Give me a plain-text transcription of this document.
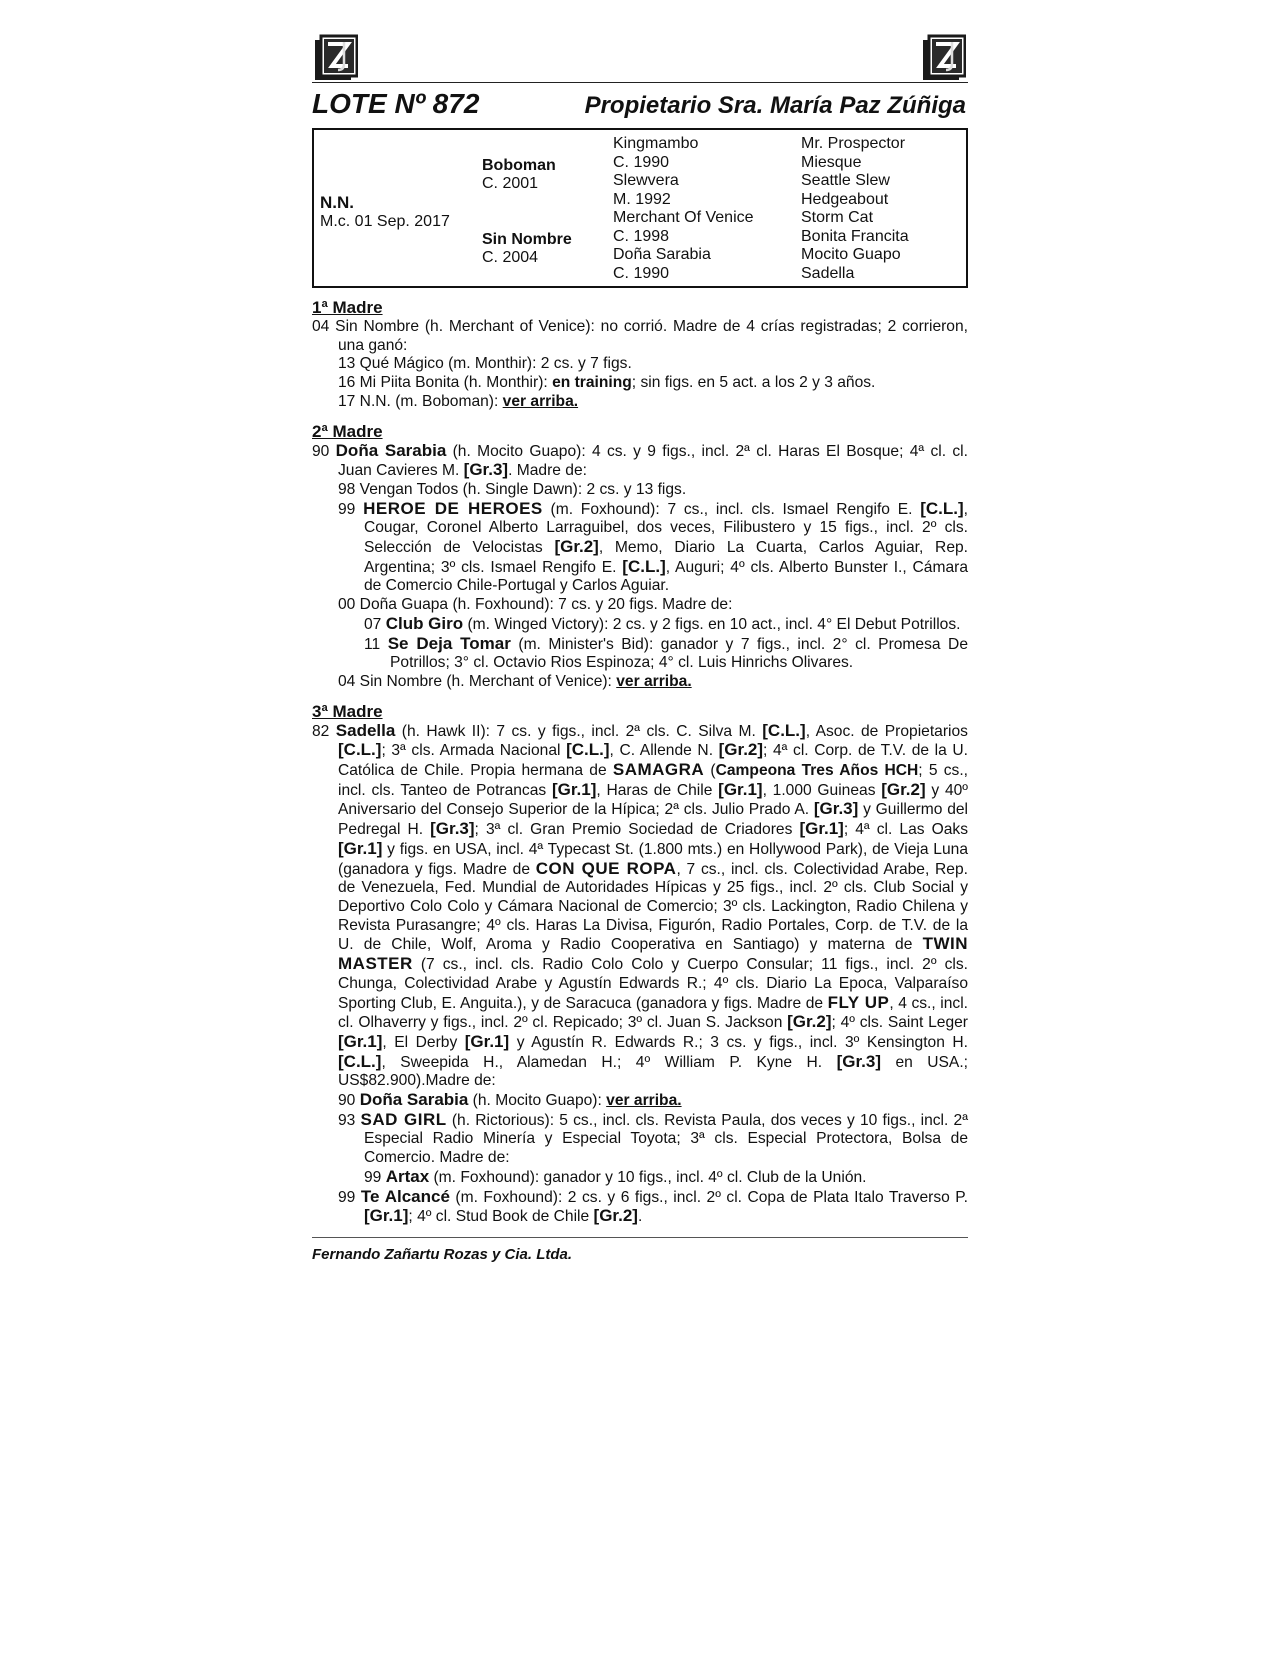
LOTE Nº 872	Propietario Sra. María Paz Zúñiga
N.N.
M.c. 01 Sep. 2017
Boboman
C. 2001
Sin Nombre
C. 2004
Kingmambo
C. 1990
Slewvera
M. 1992
Merchant Of Venice
C. 1998
Doña Sarabia
C. 1990
Mr. Prospector
Miesque
Seattle Slew
Hedgeabout
Storm Cat
Bonita Francita
Mocito Guapo
Sadella
1ª Madre
04 Sin Nombre (h. Merchant of Venice): no corrió. Madre de 4 crías registradas; 2 corrieron, una ganó:
13 Qué Mágico (m. Monthir): 2 cs. y 7 figs.
16 Mi Piita Bonita (h. Monthir): en training; sin figs. en 5 act. a los 2 y 3 años.
17 N.N. (m. Boboman): ver arriba.
2ª Madre
90 Doña Sarabia (h. Mocito Guapo): 4 cs. y 9 figs., incl. 2ª cl. Haras El Bosque; 4ª cl. cl. Juan Cavieres M. [Gr.3]. Madre de:
98 Vengan Todos (h. Single Dawn): 2 cs. y 13 figs.
99 HEROE DE HEROES (m. Foxhound): 7 cs., incl. cls. Ismael Rengifo E. [C.L.], Cougar, Coronel Alberto Larraguibel, dos veces, Filibustero y 15 figs., incl. 2º cls. Selección de Velocistas [Gr.2], Memo, Diario La Cuarta, Carlos Aguiar, Rep. Argentina; 3º cls. Ismael Rengifo E. [C.L.], Auguri; 4º cls. Alberto Bunster I., Cámara de Comercio Chile-Portugal y Carlos Aguiar.
00 Doña Guapa (h. Foxhound): 7 cs. y 20 figs. Madre de:
07 Club Giro (m. Winged Victory): 2 cs. y 2 figs. en 10 act., incl. 4° El Debut Potrillos.
11 Se Deja Tomar (m. Minister's Bid): ganador y 7 figs., incl. 2° cl. Promesa De Potrillos; 3° cl. Octavio Rios Espinoza; 4° cl. Luis Hinrichs Olivares.
04 Sin Nombre (h. Merchant of Venice): ver arriba.
3ª Madre
82 Sadella (h. Hawk II): 7 cs. y figs., incl. 2ª cls. C. Silva M. [C.L.], Asoc. de Propietarios [C.L.]; 3ª cls. Armada Nacional [C.L.], C. Allende N. [Gr.2]; 4ª cl. Corp. de T.V. de la U. Católica de Chile. Propia hermana de SAMAGRA (Campeona Tres Años HCH; 5 cs., incl. cls. Tanteo de Potrancas [Gr.1], Haras de Chile [Gr.1], 1.000 Guineas [Gr.2] y 40º Aniversario del Consejo Superior de la Hípica; 2ª cls. Julio Prado A. [Gr.3] y Guillermo del Pedregal H. [Gr.3]; 3ª cl. Gran Premio Sociedad de Criadores [Gr.1]; 4ª cl. Las Oaks [Gr.1] y figs. en USA, incl. 4ª Typecast St. (1.800 mts.) en Hollywood Park), de Vieja Luna (ganadora y figs. Madre de CON QUE ROPA, 7 cs., incl. cls. Colectividad Arabe, Rep. de Venezuela, Fed. Mundial de Autoridades Hípicas y 25 figs., incl. 2º cls. Club Social y Deportivo Colo Colo y Cámara Nacional de Comercio; 3º cls. Lackington, Radio Chilena y Revista Purasangre; 4º cls. Haras La Divisa, Figurón, Radio Portales, Corp. de T.V. de la U. de Chile, Wolf, Aroma y Radio Cooperativa en Santiago) y materna de TWIN MASTER (7 cs., incl. cls. Radio Colo Colo y Cuerpo Consular; 11 figs., incl. 2º cls. Chunga, Colectividad Arabe y Agustín Edwards R.; 4º cls. Diario La Epoca, Valparaíso Sporting Club, E. Anguita.), y de Saracuca (ganadora y figs. Madre de FLY UP, 4 cs., incl. cl. Olhaverry y figs., incl. 2º cl. Repicado; 3º cl. Juan S. Jackson [Gr.2]; 4º cls. Saint Leger [Gr.1], El Derby [Gr.1] y Agustín R. Edwards R.; 3 cs. y figs., incl. 3º Kensington H. [C.L.], Sweepida H., Alamedan H.; 4º William P. Kyne H. [Gr.3] en USA.; US$82.900).Madre de:
90 Doña Sarabia (h. Mocito Guapo): ver arriba.
93 SAD GIRL (h. Rictorious): 5 cs., incl. cls. Revista Paula, dos veces y 10 figs., incl. 2ª Especial Radio Minería y Especial Toyota; 3ª cls. Especial Protectora, Bolsa de Comercio. Madre de:
99 Artax (m. Foxhound): ganador y 10 figs., incl. 4º cl. Club de la Unión.
99 Te Alcancé (m. Foxhound): 2 cs. y 6 figs., incl. 2º cl. Copa de Plata Italo Traverso P. [Gr.1]; 4º cl. Stud Book de Chile [Gr.2].
Fernando Zañartu Rozas y Cia. Ltda.
